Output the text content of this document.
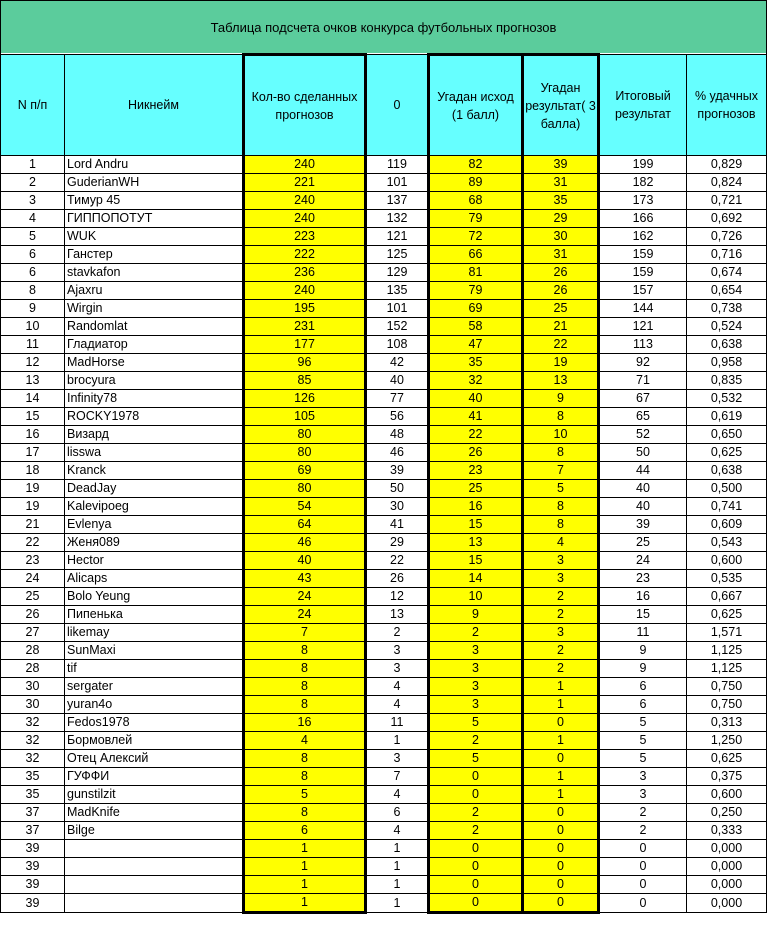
Таблица подсчета очков конкурса футбольных прогнозов							
N п/п	Никнейм	Кол-во сделанных прогнозов	0	Угадан исход (1 балл)	Угадан результат( 3 балла)	Итоговый результат	% удачных прогнозов
1	Lord Andru	240	119	82	39	199	0,829
2	GuderianWH	221	101	89	31	182	0,824
3	Тимур 45	240	137	68	35	173	0,721
4	ГИППОПОТУТ	240	132	79	29	166	0,692
5	WUK	223	121	72	30	162	0,726
6	Ганстер	222	125	66	31	159	0,716
6	stavkafon	236	129	81	26	159	0,674
8	Ajaxru	240	135	79	26	157	0,654
9	Wirgin	195	101	69	25	144	0,738
10	Randomlat	231	152	58	21	121	0,524
11	Гладиатор	177	108	47	22	113	0,638
12	MadHorse	96	42	35	19	92	0,958
13	brocyura	85	40	32	13	71	0,835
14	Infinity78	126	77	40	9	67	0,532
15	ROCKY1978	105	56	41	8	65	0,619
16	Визард	80	48	22	10	52	0,650
17	lisswa	80	46	26	8	50	0,625
18	Kranck	69	39	23	7	44	0,638
19	DeadJay	80	50	25	5	40	0,500
19	Kalevipoeg	54	30	16	8	40	0,741
21	Evlenya	64	41	15	8	39	0,609
22	Женя089	46	29	13	4	25	0,543
23	Hector	40	22	15	3	24	0,600
24	Alicaps	43	26	14	3	23	0,535
25	Bolo Yeung	24	12	10	2	16	0,667
26	Пипенька	24	13	9	2	15	0,625
27	likemay	7	2	2	3	11	1,571
28	SunMaxi	8	3	3	2	9	1,125
28	tif	8	3	3	2	9	1,125
30	sergater	8	4	3	1	6	0,750
30	yuran4o	8	4	3	1	6	0,750
32	Fedos1978	16	11	5	0	5	0,313
32	Бормовлей	4	1	2	1	5	1,250
32	Отец Алексий	8	3	5	0	5	0,625
35	ГУФФИ	8	7	0	1	3	0,375
35	gunstilzit	5	4	0	1	3	0,600
37	MadKnife	8	6	2	0	2	0,250
37	Bilge	6	4	2	0	2	0,333
39		1	1	0	0	0	0,000
39		1	1	0	0	0	0,000
39		1	1	0	0	0	0,000
39		1	1	0	0	0	0,000
